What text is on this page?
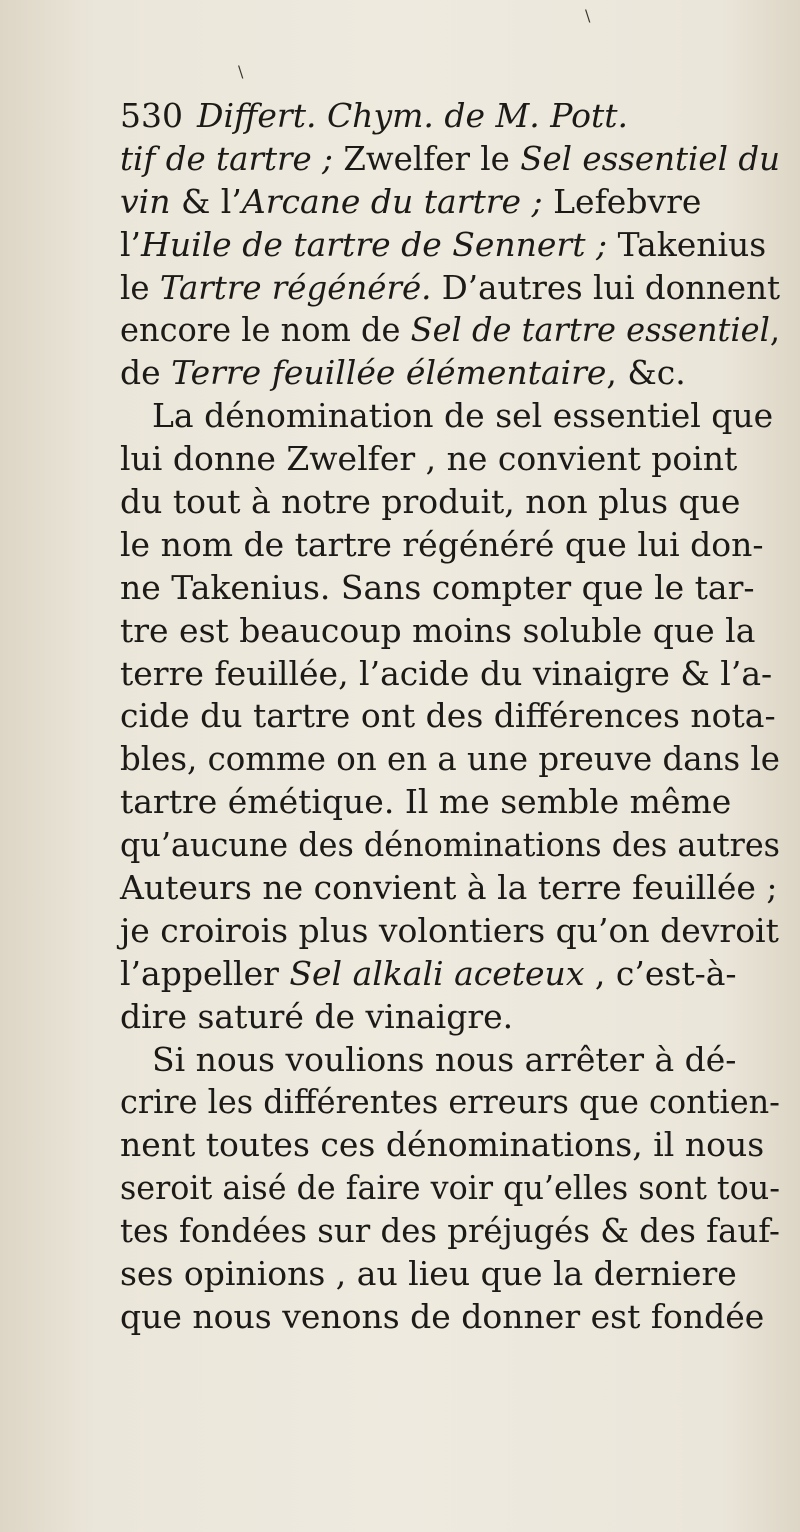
\
\
530 Differt. Chym. de M. Pott.
tif de tartre ; Zwelfer le Sel essentiel du
vin & l’Arcane du tartre ; Lefebvre
l’Huile de tartre de Sennert ; Takenius
le Tartre régénéré. D’autres lui donnent
encore le nom de Sel de tartre essentiel,
de Terre feuillée élémentaire, &c.
La dénomination de sel essentiel que
lui donne Zwelfer , ne convient point
du tout à notre produit, non plus que
le nom de tartre régénéré que lui don-
ne Takenius. Sans compter que le tar-
tre est beaucoup moins soluble que la
terre feuillée, l’acide du vinaigre & l’a-
cide du tartre ont des différences nota-
bles, comme on en a une preuve dans le
tartre émétique. Il me semble même
qu’aucune des dénominations des autres
Auteurs ne convient à la terre feuillée ;
je croirois plus volontiers qu’on devroit
l’appeller Sel alkali aceteux , c’est-à-
dire saturé de vinaigre.
Si nous voulions nous arrêter à dé-
crire les différentes erreurs que contien-
nent toutes ces dénominations, il nous
seroit aisé de faire voir qu’elles sont tou-
tes fondées sur des préjugés & des fauf-
ses opinions , au lieu que la derniere
que nous venons de donner est fondée
